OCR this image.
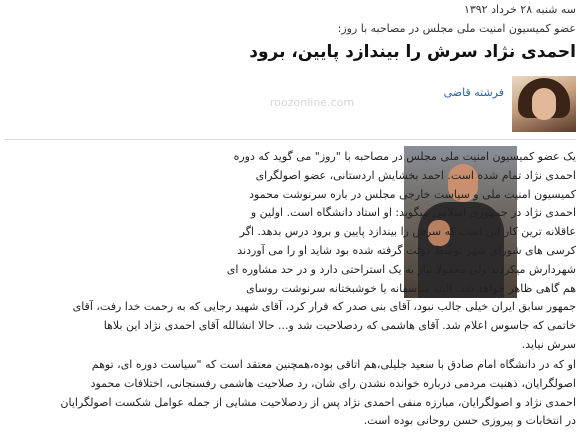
سه شنبه ۲۸ خرداد ۱۳۹۲
عضو کمیسیون امنیت ملی مجلس در مصاحبه با روز:
احمدی نژاد سرش را بیندازد پایین، برود
فرشته قاضی
roozonline.com
یک عضو کمیسیون امنیت ملی مجلس در مصاحبه با "روز" می گوید که دوره
احمدی نژاد تمام شده است. احمد بخشایش اردستانی، عضو اصولگرای
کمیسیون امنیت ملی و سیاست خارجی مجلس در باره سرنوشت محمود
احمدی نژاد در جمهوری اسلامی میگوید: او استاد دانشگاه است. اولین و
عاقلانه ترین کار این است که سرش را بیندازد پایین و برود درس بدهد. اگر
کرسی های شورای شهر توسط دولت گرفته شده بود شاید او را می آوردند
شهردارش میکردند ولی معمولا نیاز به یک استراحتی دارد و در حد مشاوره ای
هم گاهی ظاهر خواهد شد. البته متاسفانه یا خوشبختانه سرنوشت روسای
جمهور سابق ایران خیلی جالب نبود، آقای بنی صدر که فرار کرد، آقای شهید رجایی که به رحمت خدا رفت، آقای
خاتمی که جاسوس اعلام شد. آقای هاشمی که ردصلاحیت شد و... حالا انشالله آقای احمدی نژاد این بلاها
سرش نیاید.
او که در دانشگاه امام صادق با سعید جلیلی،هم اتاقی بوده،همچنین معتقد است که "سیاست دوره ای، توهم
اصولگرایان، ذهنیت مردمی درباره خوانده نشدن رای شان، رد صلاحیت هاشمی رفسنجانی، اختلافات محمود
احمدی نژاد و اصولگرایان، مبارزه منفی احمدی نژاد پس از ردصلاحیت مشایی از جمله عوامل شکست اصولگرایان
در انتخابات و پیروزی حسن روحانی بوده است.
